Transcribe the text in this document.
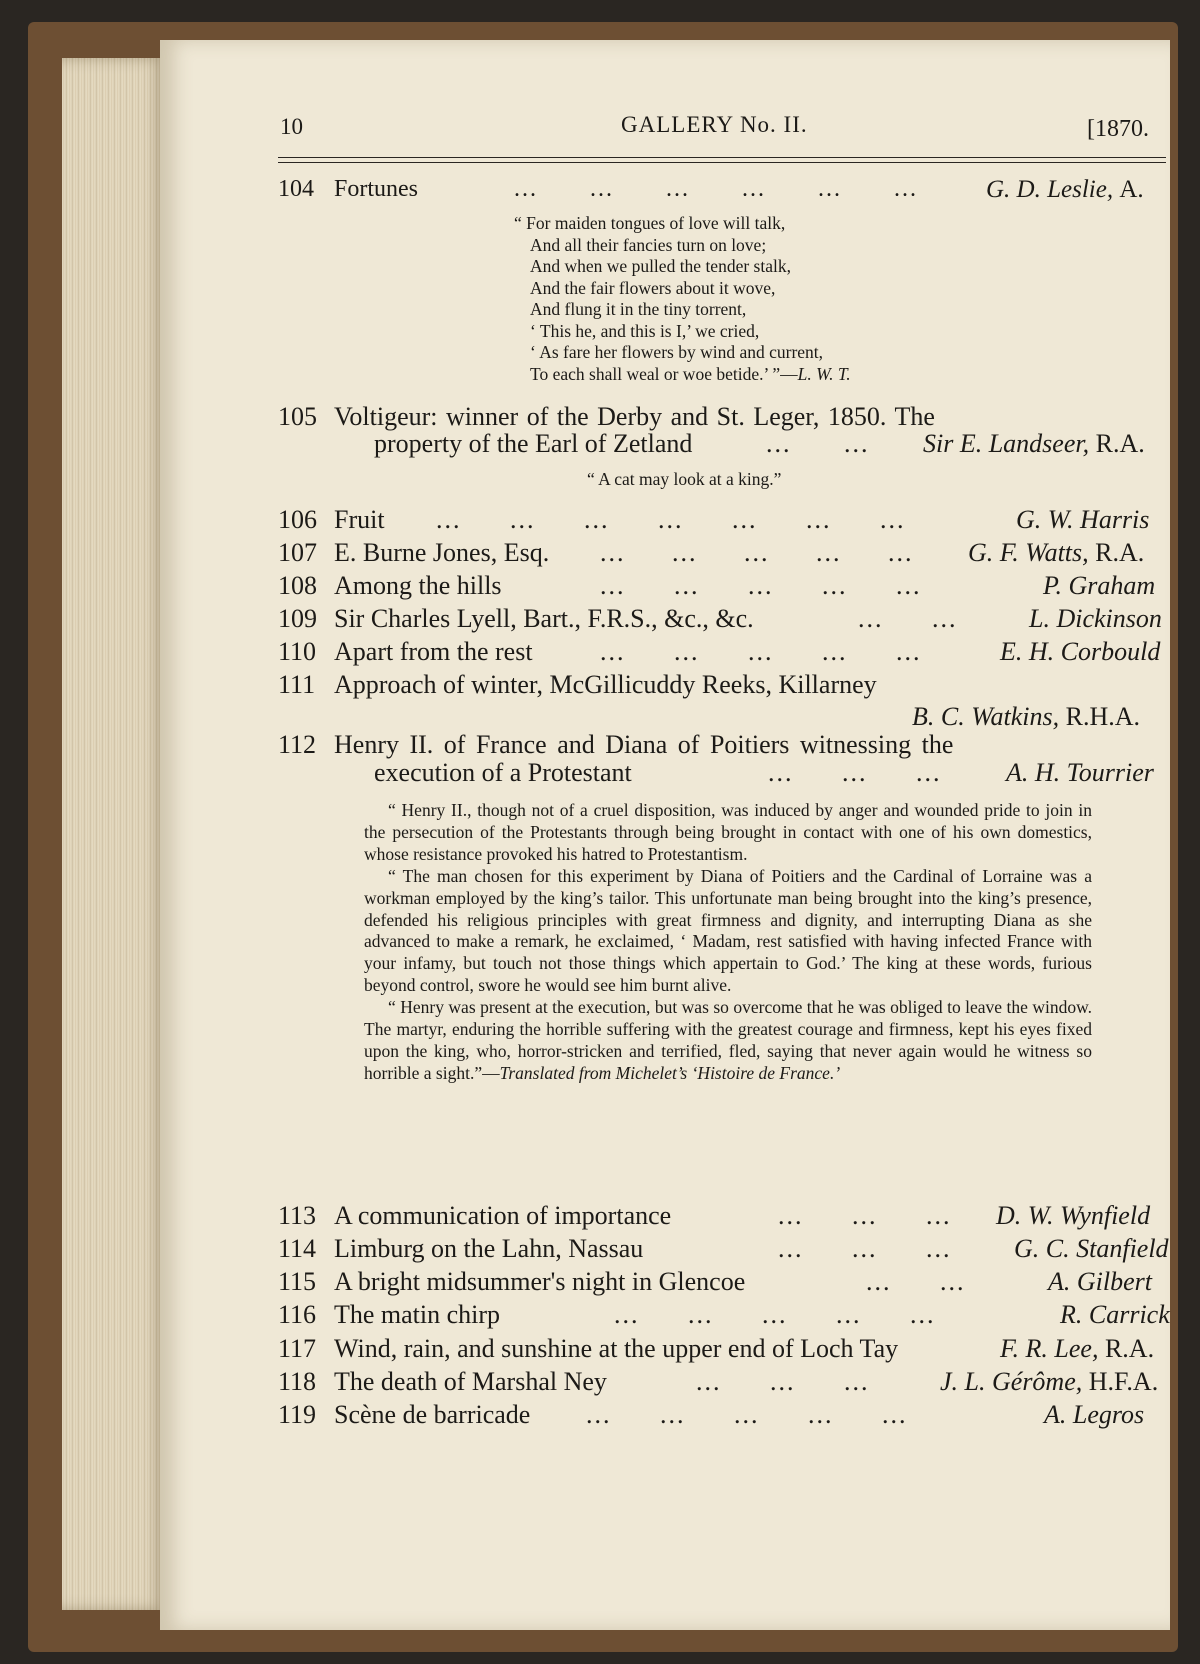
10	GALLERY No. II.	[1870.
104 Fortunes	... ... ... ... ... ...	G. D. Leslie, A.
“ For maiden tongues of love will talk,
And all their fancies turn on love;
And when we pulled the tender stalk,
And the fair flowers about it wove,
And flung it in the tiny torrent,
‘ This he, and this is I,’ we cried,
‘ As fare her flowers by wind and current,
To each shall weal or woe betide.’ ”—L. W. T.
105 Voltigeur: winner of the Derby and St. Leger, 1850. The
property of the Earl of Zetland	... ... Sir E. Landseer, R.A.
“ A cat may look at a king.”
106 Fruit ... ... ... ... ... ... ...	G. W. Harris
107 E. Burne Jones, Esq. ... ... ... ... ... G. F. Watts, R.A.
108 Among the hills	... ... ... ... ...	P. Graham
109 Sir Charles Lyell, Bart., F.R.S., &c., &c.	... ...	L. Dickinson
110 Apart from the rest	... ... ... ... ...	E. H. Corbould
111 Approach of winter, McGillicuddy Reeks, Killarney
B. C. Watkins, R.H.A.
112 Henry II. of France and Diana of Poitiers witnessing the
execution of a Protestant	... ... ... A. H. Tourrier

“ Henry II., though not of a cruel disposition, was induced by anger and wounded pride to join in the persecution of the Protestants through being brought in contact with one of his own domestics, whose resistance provoked his hatred to Protestantism.

“ The man chosen for this experiment by Diana of Poitiers and the Cardinal of Lorraine was a workman employed by the king’s tailor. This unfortunate man being brought into the king’s presence, defended his religious principles with great firmness and dignity, and interrupting Diana as she advanced to make a remark, he exclaimed, ‘ Madam, rest satisfied with having infected France with your infamy, but touch not those things which appertain to God.’ The king at these words, furious beyond control, swore he would see him burnt alive.

“ Henry was present at the execution, but was so overcome that he was obliged to leave the window. The martyr, enduring the horrible suffering with the greatest courage and firmness, kept his eyes fixed upon the king, who, horror-stricken and terrified, fled, saying that never again would he witness so horrible a sight.”—Translated from Michelet’s ‘Histoire de France.’

113 A communication of importance	... ... ... D. W. Wynfield
114 Limburg on the Lahn, Nassau	... ... ... G. C. Stanfield
115 A bright midsummer's night in Glencoe	... ...	A. Gilbert
116 The matin chirp	... ... ... ... ...	R. Carrick
117 Wind, rain, and sunshine at the upper end of Loch Tay	F. R. Lee, R.A.
118 The death of Marshal Ney	... ... ...	J. L. Gérôme, H.F.A.
119 Scène de barricade ... ... ... ... ...	A. Legros
